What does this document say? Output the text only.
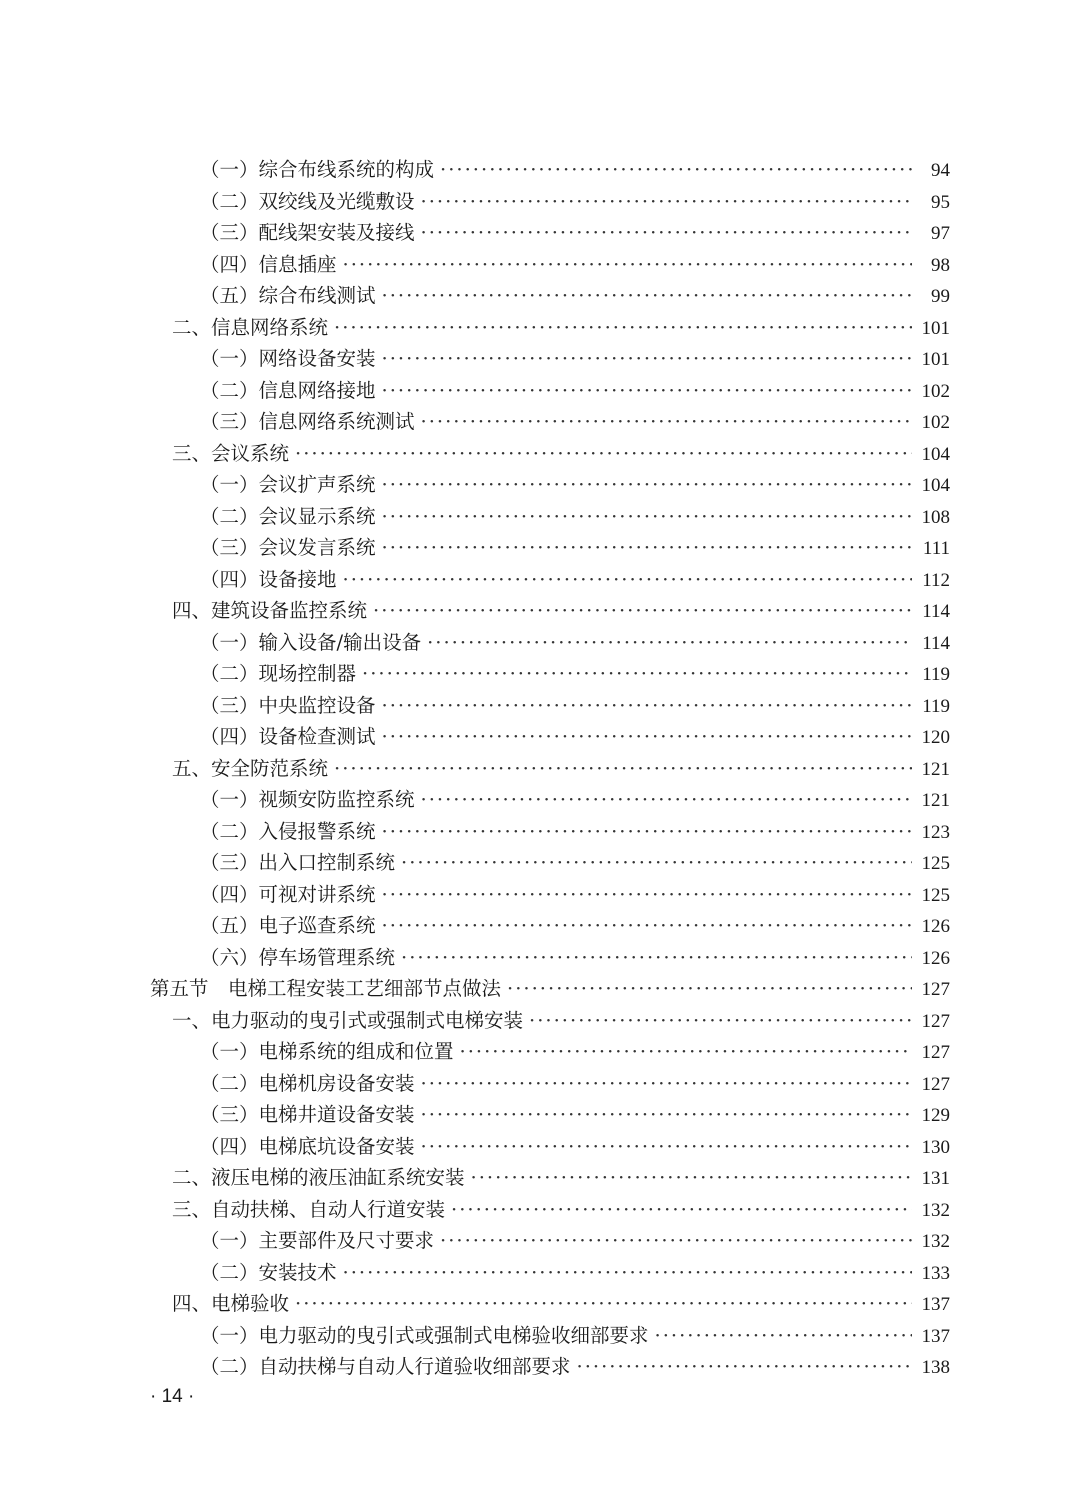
（一）综合布线系统的构成 ·····	94
（二）双绞线及光缆敷设 ·····	95
（三）配线架安装及接线 ·····	97
（四）信息插座 ·····	98
（五）综合布线测试 ·····	99
二、信息网络系统 ·····	101
（一）网络设备安装 ·····	101
（二）信息网络接地 ·····	102
（三）信息网络系统测试 ·····	102
三、会议系统 ·····	104
（一）会议扩声系统 ·····	104
（二）会议显示系统 ·····	108
（三）会议发言系统 ·····	111
（四）设备接地 ·····	112
四、建筑设备监控系统 ·····	114
（一）输入设备/输出设备 ·····	114
（二）现场控制器 ·····	119
（三）中央监控设备 ·····	119
（四）设备检查测试 ·····	120
五、安全防范系统 ·····	121
（一）视频安防监控系统 ·····	121
（二）入侵报警系统 ·····	123
（三）出入口控制系统 ·····	125
（四）可视对讲系统 ·····	125
（五）电子巡查系统 ·····	126
（六）停车场管理系统 ·····	126
第五节　电梯工程安装工艺细部节点做法 ·····	127
一、电力驱动的曳引式或强制式电梯安装 ·····	127
（一）电梯系统的组成和位置 ·····	127
（二）电梯机房设备安装 ·····	127
（三）电梯井道设备安装 ·····	129
（四）电梯底坑设备安装 ·····	130
二、液压电梯的液压油缸系统安装 ·····	131
三、自动扶梯、自动人行道安装 ·····	132
（一）主要部件及尺寸要求 ·····	132
（二）安装技术 ·····	133
四、电梯验收 ·····	137
（一）电力驱动的曳引式或强制式电梯验收细部要求 ·····	137
（二）自动扶梯与自动人行道验收细部要求 ·····	138
· 14 ·
